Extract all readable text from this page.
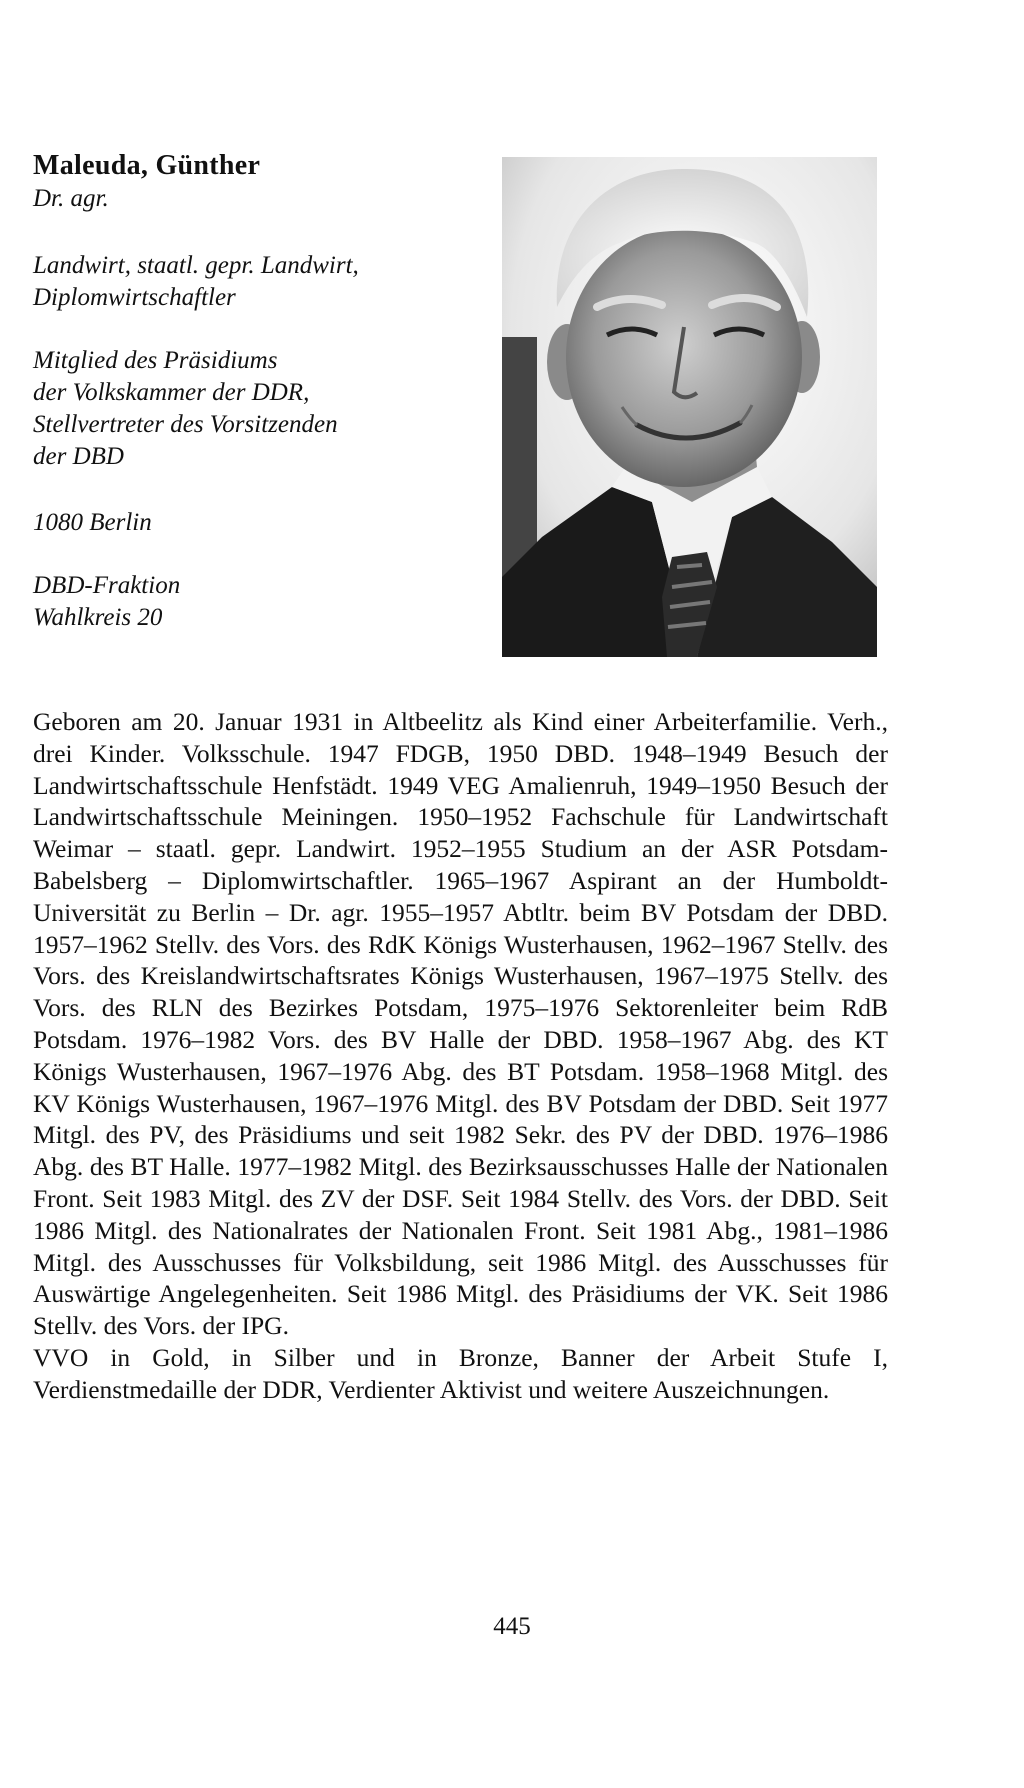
Maleuda, Günther
Dr. agr.
Landwirt, staatl. gepr. Landwirt,
Diplomwirtschaftler
Mitglied des Präsidiums
der Volkskammer der DDR,
Stellvertreter des Vorsitzenden
der DBD
1080 Berlin
DBD-Fraktion
Wahlkreis 20

Geboren am 20. Januar 1931 in Altbeelitz als Kind einer Arbeiterfamilie. Verh., drei Kinder. Volksschule. 1947 FDGB, 1950 DBD. 1948–1949 Besuch der Landwirtschaftsschule Henfstädt. 1949 VEG Amalienruh, 1949–1950 Besuch der Landwirtschaftsschule Meiningen. 1950–1952 Fachschule für Landwirtschaft Weimar – staatl. gepr. Landwirt. 1952–1955 Studium an der ASR Potsdam-Babelsberg – Diplomwirtschaftler. 1965–1967 Aspirant an der Humboldt-Universität zu Berlin – Dr. agr. 1955–1957 Abtltr. beim BV Potsdam der DBD. 1957–1962 Stellv. des Vors. des RdK Königs Wusterhausen, 1962–1967 Stellv. des Vors. des Kreislandwirtschaftsrates Königs Wusterhausen, 1967–1975 Stellv. des Vors. des RLN des Bezirkes Potsdam, 1975–1976 Sektorenleiter beim RdB Potsdam. 1976–1982 Vors. des BV Halle der DBD. 1958–1967 Abg. des KT Königs Wusterhausen, 1967–1976 Abg. des BT Potsdam. 1958–1968 Mitgl. des KV Königs Wusterhausen, 1967–1976 Mitgl. des BV Potsdam der DBD. Seit 1977 Mitgl. des PV, des Präsidiums und seit 1982 Sekr. des PV der DBD. 1976–1986 Abg. des BT Halle. 1977–1982 Mitgl. des Bezirksausschusses Halle der Nationalen Front. Seit 1983 Mitgl. des ZV der DSF. Seit 1984 Stellv. des Vors. der DBD. Seit 1986 Mitgl. des Nationalrates der Nationalen Front. Seit 1981 Abg., 1981–1986 Mitgl. des Ausschusses für Volksbildung, seit 1986 Mitgl. des Ausschusses für Auswärtige Angelegenheiten. Seit 1986 Mitgl. des Präsidiums der VK. Seit 1986 Stellv. des Vors. der IPG.

VVO in Gold, in Silber und in Bronze, Banner der Arbeit Stufe I, Verdienstmedaille der DDR, Verdienter Aktivist und weitere Auszeichnungen.

445
